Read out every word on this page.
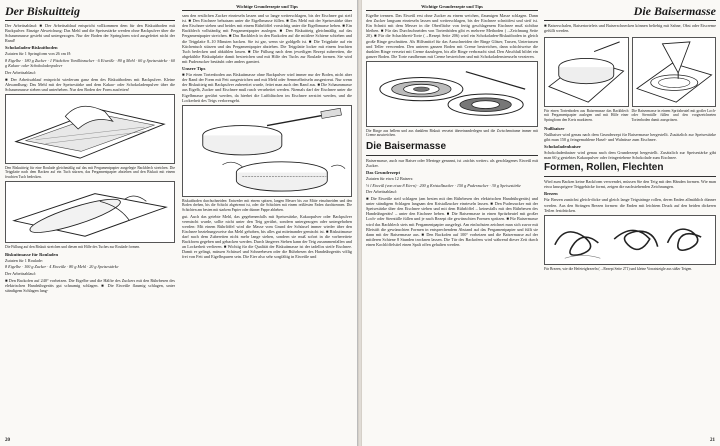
Der Biskuitteig

Der Arbeitsablauf: ■ Der Arbeitsablauf entspricht vollkommen dem für den Biskuitboden mit Backpulver. Einzige Abweichung: Das Mehl und die Speisestärke werden ohne Backpulver über die Schaummasse gesiebt und untergezogen. Nur der Boden der Springform wird ausgefettet nicht der Rand!

Schokoladen-Biskuitboden

Zutaten für 1 Springform von 26 cm Ø:

8 Eigelbe · 180 g Zucker · 1 Päckchen Vanillinzucker · 6 Eiweiße · 80 g Mehl · 60 g Speisestärke · 60 g Kakao- oder Schokoladenpulver

Der Arbeitsablauf:

■ Der Arbeitsablauf entspricht wiederum ganz dem des Biskuitbodens mit Backpulver. Kleine Abwandlung: Das Mehl mit der Speisestärke und dem Kakao- oder Schokoladenpulver über die Schaummasse sieben und unterheben. Nur den Boden der Form ausfetten!

Den Biskuitteig für eine Roulade gleichmäßig auf das mit Pergamentpapier ausgelegte Backblech streichen. Die Teigplatte nach dem Backen auf ein Tuch stürzen, das Pergamentpapier abziehen und den Biskuit mit einem feuchten Tuch bedecken.

Die Füllung auf den Biskuit streichen und diesen mit Hilfe des Tuches zur Roulade formen.

Biskuitmasse für Rouladen

Zutaten für 1 Roulade:

8 Eigelbe · 100 g Zucker · 4 Eiweiße · 80 g Mehl · 20 g Speisestärke

Der Arbeitsablauf:

■ Den Backofen auf 240° vorheizen. Die Eigelbe und die Hälfte des Zuckers mit den Rührbesen des elektrischen Handrührgeräts gut schaumig schlagen. ■ Die Eiweiße flaumig schlagen, unter ständigem Schlagen lang-

Wichtige Grundrezepte und Tips

sam den restlichen Zucker einrieseln lassen und so lange weiterschlagen, bis der Eischnee gut steif ist. ■ Den Eischnee behutsam unter die Eigelbmasse füllen. ■ Das Mehl mit der Speisestärke über den Eischnee sieben und beides mit einem Rührlöffel vorsichtig unter die Eigelbmasse heben. ■ Ein Backblech vollständig mit Pergamentpapier auslegen. ■ Den Biskuitteig gleichmäßig auf das Pergamentpapier streichen. ■ Das Backblech in den Backofen auf die mittlere Schiene schieben und die Teigplatte 8–10 Minuten backen. Sie ist gar, wenn sie goldgelb ist. ■ Die Teigplatte auf ein Küchentuch stürzen und das Pergamentpapier abziehen. Die Teigplatte locker mit einem feuchten Tuch bedecken und abkühlen lassen. ■ Die Füllung nach dem jeweiligen Rezept zubereiten, die abgekühlte Biskuitplatte damit bestreichen und mit Hilfe des Tuchs zur Roulade formen. Sie wird mit Puderzucker bestäubt oder anders garniert.

Unsere Tips

■ Für einen Tortenboden aus Biskuitmasse ohne Backpulver wird immer nur der Boden, nicht aber der Rand der Form mit Fett ausgestrichen und mit Mehl oder Semmelbröseln ausgestreut. Nur wenn der Biskuitteig mit Backpulver zubereitet wurde, fettet man auch den Rand aus. ■ Die Schaummasse aus Eigelb, Zucker und Eischnee muß rasch verarbeitet werden. Niemals darf der Eischnee unter die Eigelbmasse gerührt werden, da hierbei die Luftbläschen im Eischnee zerstört werden, und die Lockerheit des Teigs verlorengeht.

Biskuitboden durchschneiden: Entweder mit einem spitzen, langen Messer bis zur Mitte einschneiden und den Boden drehen, bis die Schicht abgetrennt ist, oder die Schichten mit einem reißfesten Faden durchtrennen. Die Schichten am besten mit starkem Papier oder dünner Pappe abheben.

gut. Auch das geiebte Mehl, das gegebenenfalls mit Speisestärke, Kakaopulver oder Backpulver vermischt wurde, sollte nicht unter den Teig gerührt, sondern untergezogen oder untergehoben werden: Mit einem Rührlöffel wird die Masse vom Grund der Schüssel immer wieder über den Eischnee beziehungsweise das Mehl gehoben, bis alles gut miteinander gemischt ist. ■ Biskuitmasse darf nach dem Zubereiten nicht mehr lange stehen, sondern sie muß sofort in die vorbereitete Backform gegeben und gebacken werden. Durch längeres Stehen kann der Teig zusammenfallen und an Lockerheit verlieren. ■ Wichtig für die Qualität der Biskuitmasse ist der tadellos steife Eischnee. Damit er gelingt, müssen Schüssel und Schneebesen oder die Rührbesen des Handrührgeräts völlig frei von Fett und Eigelbspuren sein. Die Eier also sehr sorgfältig in Eiweiße und

20
Wichtige Grundrezepte und Tips

Eigelbe trennen. Das Eiweiß erst ohne Zucker zu einem weichen, flaumigen Masse schlagen. Dann den Zucker langsam einrieseln lassen und weiterschlagen, bis der Eischnee schnittfest und steif ist. Ein Schnitt mit dem Messer in die Oberfläche von fertig geschlagenem Eischnee muß sichtbar bleiben. ■ Für das Durchschneiden von Tortenböden gibt es mehrere Methoden (→Zeichnung Seite 20). ■ Für die Schachbrett-Torte (→Rezept Seite 206) wird ein Schokoladen-Biskuitboden in gleich große Ringe geschnitten. Als Hilfsmittel für das Ausschneiden der Ringe Gläser, Tassen, Untertassen und Teller verwenden. Den unteren ganzen Boden mit Creme bestreichen, dann schichtweise die dunklen Ringe versetzt mit Creme dazulegen, bis alle Ringe verbraucht sind. Den Abschluß bildet ein ganzer Boden. Die Torte rundherum mit Creme bestreichen und mit Schokoladenstreuseln verzieren.

Die Ringe aus hellem und aus dunklem Biskuit versetzt übereinanderlegen und die Zwischenräume immer mit Creme ausstreichen.

Die Baisermasse

Baisermasse, auch nur Baiser oder Meringe genannt, ist «nichts weiter» als geschlagenes Eiweiß mit Zucker.

Das Grundrezept

Zutaten für etwa 12 Baisers:

½ l Eiweiß (von etwa 8 Eiern) · 200 g Kristallzucker · 150 g Puderzucker · 30 g Speisestärke

Der Arbeitsablauf:

■ Die Eiweiße steif schlagen (am besten mit den Rührbesen des elektrischen Handrührgeräts) und unter ständigem Schlagen langsam den Kristallzucker einrieseln lassen. ■ Den Puderzucker mit der Speisestärke über den Eischnee sieben und mit dem Rührlöffel – keinesfalls mit den Rührbesen des Handrührgeräts! – unter den Eischnee heben. ■ Die Baisermasse in einen Spritzbeutel mit großer Loch- oder Sterntülle füllen und je nach Rezept die gewünschten Formen spritzen. ■ Für Baisermasse wird das Backblech stets mit Pergamentpapier ausgelegt. Am einfachsten zeichnet man sich zuvor mit Bleistift die gewünschten Formen in entsprechendem Abstand auf das Pergamentpapier und füllt sie dann mit der Baisermasse aus. ■ Den Backofen auf 100° vorheizen und die Baisermasse auf der mittleren Schiene 8 Stunden trocknen lassen. Die Tür des Backofens wird während dieser Zeit durch einen Kochlöffelstiel einen Spalt offen gehalten werden.

Die Baisermasse

■ Baiserschalen, Baisertortelets und Baiserschnecken können beliebig mit Sahne, Obst oder Eiscreme gefüllt werden.

Für einen Tortenboden aus Baisermasse das Backblech mit Pergamentpapier auslegen und mit Hilfe einer Springform den Kreis markieren.

Die Baisermasse in einem Spritzbeutel mit großer Loch- oder Sterntülle füllen und den vorgezeichneten Tortenboden damit ausspritzen.

Nußbaiser

Nußbaiser wird genau nach dem Grundrezept für Baisermasse hergestellt. Zusätzlich zur Speisestärke gibt man 150 g feingemahlene Hasel- und Walnüsse zum Eischnee.

Schokoladenbaiser

Schokoladenbaiser wird genau nach dem Grundrezept hergestellt. Zusätzlich zur Speisestärke gibt man 60 g gesiebtes Kakaopulver oder feingeriebene Schokolade zum Eischnee.

Formen, Rollen, Flechten

Wird zum Backen keine Backform verwendet, müssen Sie den Teig mit den Händen formen. Wie man etwa knusprigere Teiggebäcke formt, zeigen die nachstehenden Zeichnungen.

Brezen

Für Brezen zunächst gleich-dicke und gleich lange Teigstränge rollen, deren Enden allmählich dünner werden. Aus den Strängen Brezen formen: die Enden mit leichtem Druck auf den beiden dickeren Teilen festdrücken.

Für Brezen, wie die Hefeteigbrezeln (→Rezept Seite 271) und kleine Vorratsteigle aus süßer Teigen.

21
